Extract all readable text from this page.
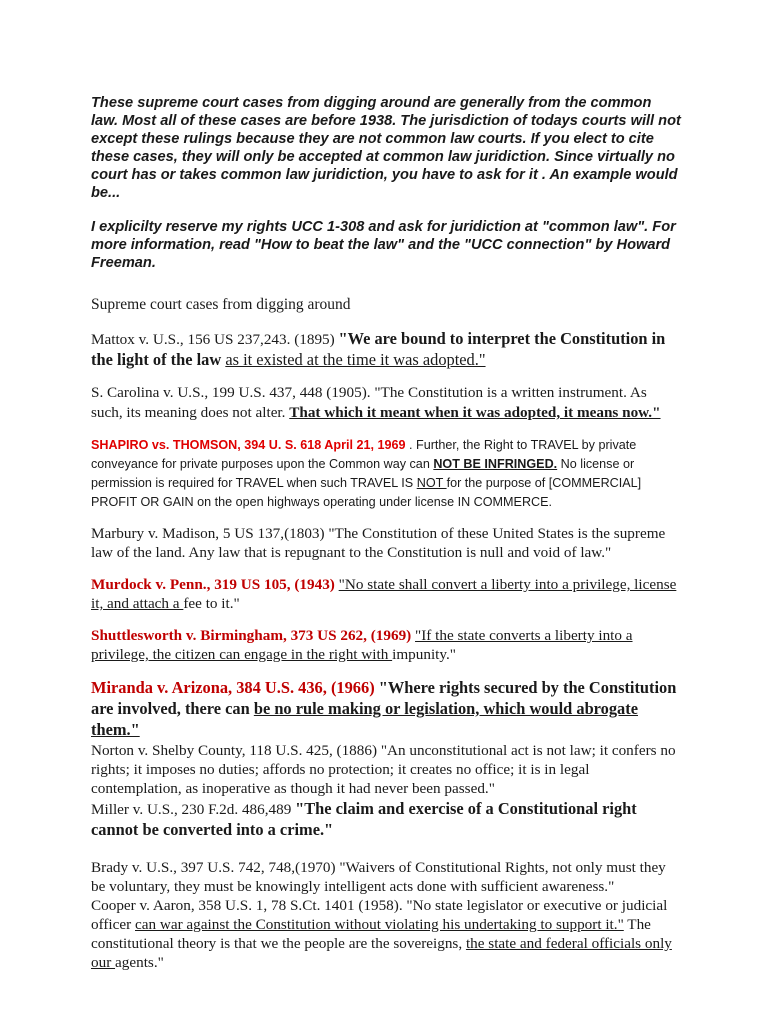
These supreme court cases from digging around are generally from the common law. Most all of these cases are before 1938. The jurisdiction of todays courts will not except these rulings because they are not common law courts. If you elect to cite these cases, they will only be accepted at common law juridiction. Since virtually no court has or takes common law juridiction, you have to ask for it . An example would be...

I explicilty reserve my rights UCC 1-308 and ask for juridiction at "common law". For more information, read "How to beat the law" and the "UCC connection" by Howard Freeman.

Supreme court cases from digging around

Mattox v. U.S., 156 US 237,243. (1895) "We are bound to interpret the Constitution in the light of the law as it existed at the time it was adopted."

S. Carolina v. U.S., 199 U.S. 437, 448 (1905). "The Constitution is a written instrument. As such, its meaning does not alter. That which it meant when it was adopted, it means now."

SHAPIRO vs. THOMSON, 394 U. S. 618 April 21, 1969 . Further, the Right to TRAVEL by private conveyance for private purposes upon the Common way can NOT BE INFRINGED. No license or permission is required for TRAVEL when such TRAVEL IS NOT for the purpose of [COMMERCIAL] PROFIT OR GAIN on the open highways operating under license IN COMMERCE.

Marbury v. Madison, 5 US 137,(1803) "The Constitution of these United States is the supreme law of the land. Any law that is repugnant to the Constitution is null and void of law."

Murdock v. Penn., 319 US 105, (1943) "No state shall convert a liberty into a privilege, license it, and attach a fee to it."

Shuttlesworth v. Birmingham, 373 US 262, (1969) "If the state converts a liberty into a privilege, the citizen can engage in the right with impunity."

Miranda v. Arizona, 384 U.S. 436, (1966) "Where rights secured by the Constitution are involved, there can be no rule making or legislation, which would abrogate them."

Norton v. Shelby County, 118 U.S. 425, (1886) "An unconstitutional act is not law; it confers no rights; it imposes no duties; affords no protection; it creates no office; it is in legal contemplation, as inoperative as though it had never been passed."

Miller v. U.S., 230 F.2d. 486,489 "The claim and exercise of a Constitutional right cannot be converted into a crime."

Brady v. U.S., 397 U.S. 742, 748,(1970) "Waivers of Constitutional Rights, not only must they be voluntary, they must be knowingly intelligent acts done with sufficient awareness."

Cooper v. Aaron, 358 U.S. 1, 78 S.Ct. 1401 (1958). "No state legislator or executive or judicial officer can war against the Constitution without violating his undertaking to support it." The constitutional theory is that we the people are the sovereigns, the state and federal officials only our agents."
